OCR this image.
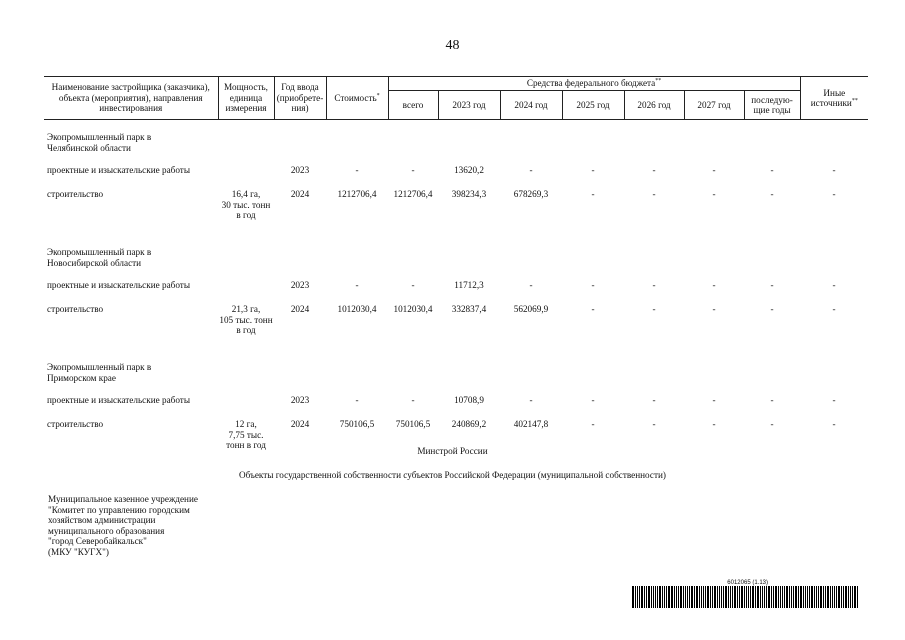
48
Наименование застройщика (заказчика), объекта (мероприятия), направления инвестирования	Мощность, единица измерения	Год ввода (приобрете-ния)	Стоимость*	Средства федерального бюджета**							Иные источники**
				всего	2023 год	2024 год	2025 год	2026 год	2027 год	последую-щие годы	

Экопромышленный парк в
Челябинской области											

проектные и изыскательские работы		2023	-	-	13620,2	-	-	-	-	-	-
строительство	16,4 га,
30 тыс. тонн
в год	2024	1212706,4	1212706,4	398234,3	678269,3	-	-	-	-	-

Экопромышленный парк в
Новосибирской области											

проектные и изыскательские работы		2023	-	-	11712,3	-	-	-	-	-	-
строительство	21,3 га,
105 тыс. тонн
в год	2024	1012030,4	1012030,4	332837,4	562069,9	-	-	-	-	-

Экопромышленный парк в
Приморском крае											

проектные и изыскательские работы		2023	-	-	10708,9	-	-	-	-	-	-
строительство	12 га,
7,75 тыс.
тонн в год	2024	750106,5	750106,5	240869,2	402147,8	-	-	-	-	-
Минстрой России
Объекты государственной собственности субъектов Российской Федерации (муниципальной собственности)
Муниципальное казенное учреждение
"Комитет по управлению городским
хозяйством администрации
муниципального образования
"город Северобайкальск"
(МКУ "КУГХ")
6012065 (1.13)
